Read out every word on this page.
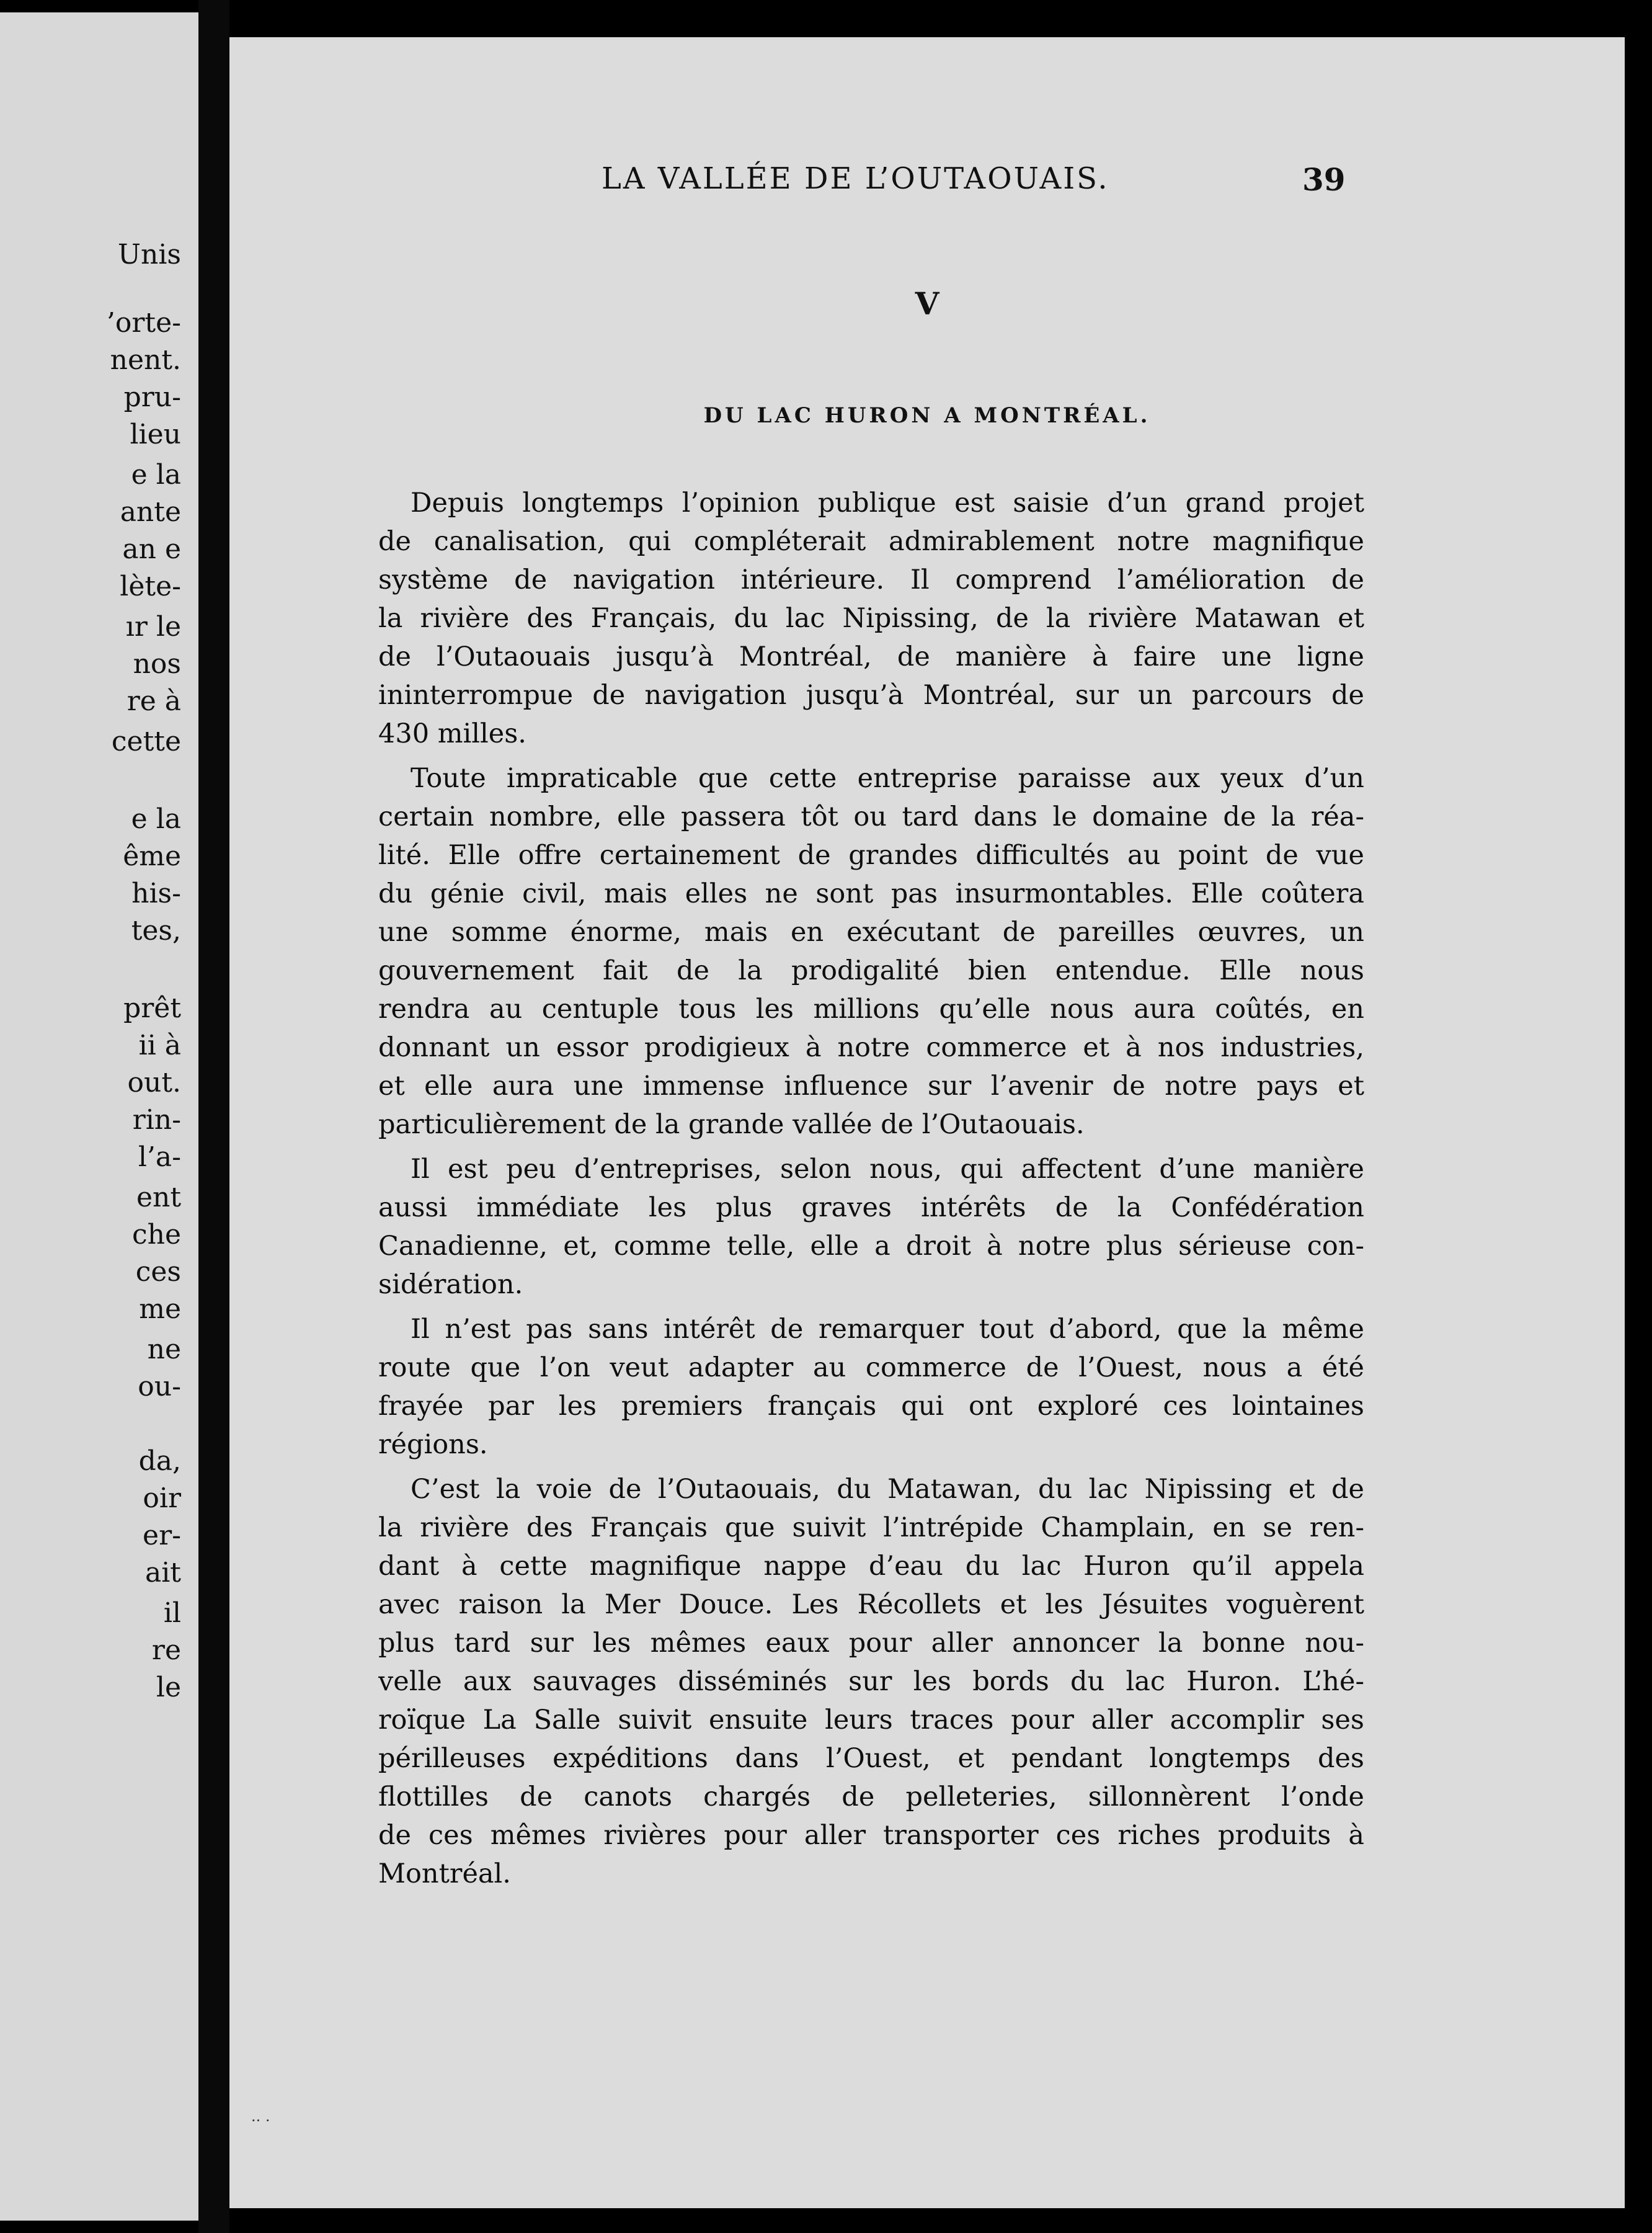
Unis
’orte-
nent.
pru-
lieu
e la
ante
an e
lète-
ır le
nos
re à
cette
e la
ême
his-
tes,
prêt
ii à
out.
rin-
l’a-
ent
che
ces
me
ne
ou-
da,
oir
er-
ait
il
re
le
LA VALLÉE DE L’OUTAOUAIS.	39
V
DU LAC HURON A MONTRÉAL.
Depuis longtemps l’opinion publique est saisie d’un grand projet
de canalisation, qui compléterait admirablement notre magnifique
système de navigation intérieure. Il comprend l’amélioration de
la rivière des Français, du lac Nipissing, de la rivière Matawan et
de l’Outaouais jusqu’à Montréal, de manière à faire une ligne
ininterrompue de navigation jusqu’à Montréal, sur un parcours de
430 milles.
Toute impraticable que cette entreprise paraisse aux yeux d’un
certain nombre, elle passera tôt ou tard dans le domaine de la réa-
lité. Elle offre certainement de grandes difficultés au point de vue
du génie civil, mais elles ne sont pas insurmontables. Elle coûtera
une somme énorme, mais en exécutant de pareilles œuvres, un
gouvernement fait de la prodigalité bien entendue. Elle nous
rendra au centuple tous les millions qu’elle nous aura coûtés, en
donnant un essor prodigieux à notre commerce et à nos industries,
et elle aura une immense influence sur l’avenir de notre pays et
particulièrement de la grande vallée de l’Outaouais.
Il est peu d’entreprises, selon nous, qui affectent d’une manière
aussi immédiate les plus graves intérêts de la Confédération
Canadienne, et, comme telle, elle a droit à notre plus sérieuse con-
sidération.
Il n’est pas sans intérêt de remarquer tout d’abord, que la même
route que l’on veut adapter au commerce de l’Ouest, nous a été
frayée par les premiers français qui ont exploré ces lointaines
régions.
C’est la voie de l’Outaouais, du Matawan, du lac Nipissing et de
la rivière des Français que suivit l’intrépide Champlain, en se ren-
dant à cette magnifique nappe d’eau du lac Huron qu’il appela
avec raison la Mer Douce. Les Récollets et les Jésuites voguèrent
plus tard sur les mêmes eaux pour aller annoncer la bonne nou-
velle aux sauvages disséminés sur les bords du lac Huron. L’hé-
roïque La Salle suivit ensuite leurs traces pour aller accomplir ses
périlleuses expéditions dans l’Ouest, et pendant longtemps des
flottilles de canots chargés de pelleteries, sillonnèrent l’onde
de ces mêmes rivières pour aller transporter ces riches produits à
Montréal.
·· ·
